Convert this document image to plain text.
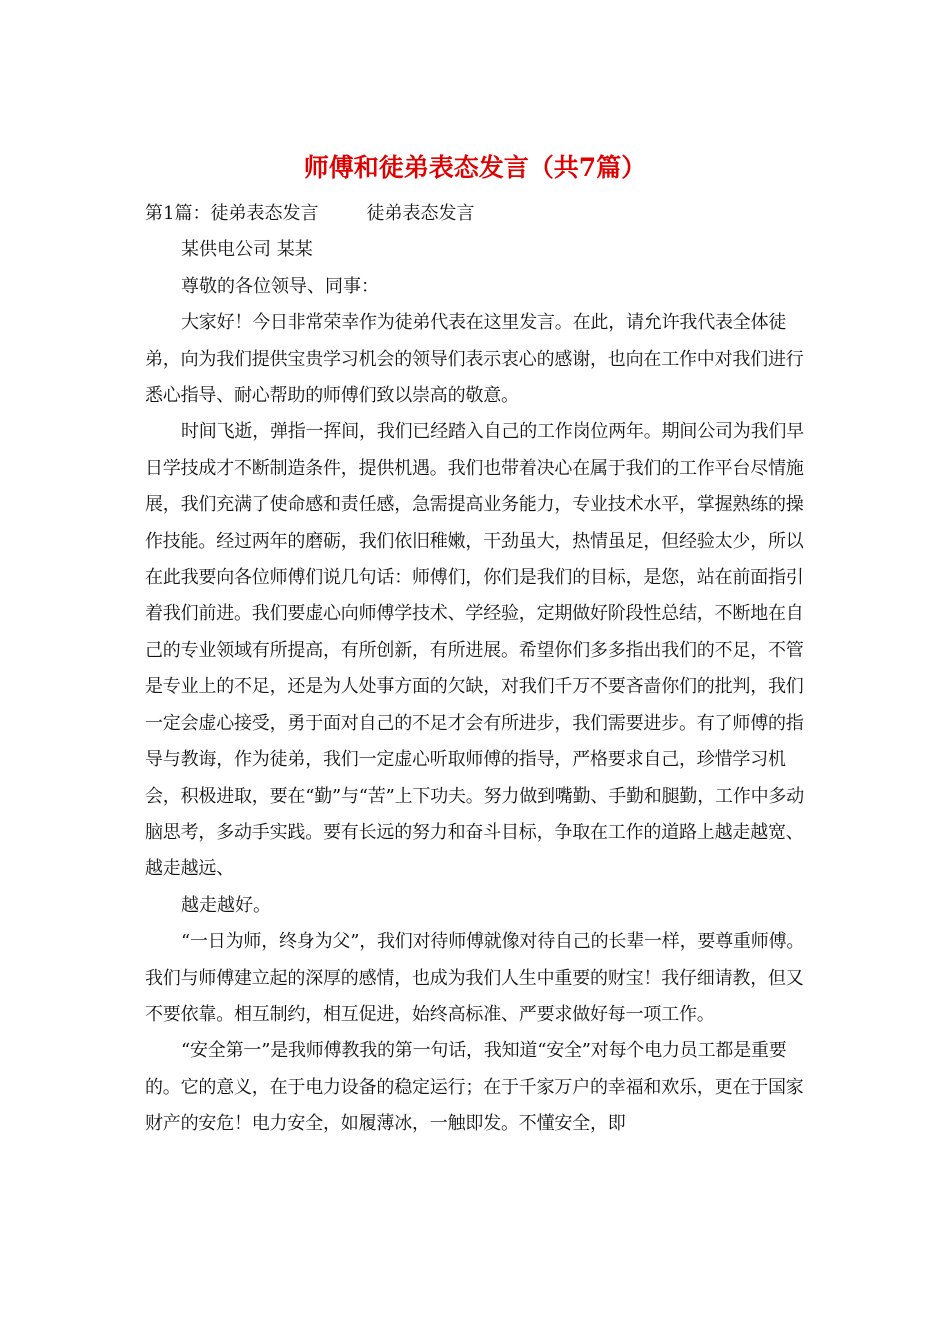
师傅和徒弟表态发言（共7篇）

第1篇：徒弟表态发言	徒弟表态发言

某供电公司 某某

尊敬的各位领导、同事：

大家好！今日非常荣幸作为徒弟代表在这里发言。在此，请允许我代表全体徒弟，向为我们提供宝贵学习机会的领导们表示衷心的感谢，也向在工作中对我们进行悉心指导、耐心帮助的师傅们致以崇高的敬意。

时间飞逝，弹指一挥间，我们已经踏入自己的工作岗位两年。期间公司为我们早日学技成才不断制造条件，提供机遇。我们也带着决心在属于我们的工作平台尽情施展，我们充满了使命感和责任感，急需提高业务能力，专业技术水平，掌握熟练的操作技能。经过两年的磨砺，我们依旧稚嫩，干劲虽大，热情虽足，但经验太少，所以在此我要向各位师傅们说几句话：师傅们，你们是我们的目标，是您，站在前面指引着我们前进。我们要虚心向师傅学技术、学经验，定期做好阶段性总结，不断地在自己的专业领域有所提高，有所创新，有所进展。希望你们多多指出我们的不足，不管是专业上的不足，还是为人处事方面的欠缺，对我们千万不要吝啬你们的批判，我们一定会虚心接受，勇于面对自己的不足才会有所进步，我们需要进步。有了师傅的指导与教诲，作为徒弟，我们一定虚心听取师傅的指导，严格要求自己，珍惜学习机会，积极进取，要在“勤”与“苦”上下功夫。努力做到嘴勤、手勤和腿勤，工作中多动脑思考，多动手实践。要有长远的努力和奋斗目标，争取在工作的道路上越走越宽、越走越远、

越走越好。

“一日为师，终身为父”，我们对待师傅就像对待自己的长辈一样，要尊重师傅。我们与师傅建立起的深厚的感情，也成为我们人生中重要的财宝！我仔细请教，但又不要依靠。相互制约，相互促进，始终高标准、严要求做好每一项工作。

“安全第一”是我师傅教我的第一句话，我知道“安全”对每个电力员工都是重要的。它的意义，在于电力设备的稳定运行；在于千家万户的幸福和欢乐，更在于国家财产的安危！电力安全，如履薄冰，一触即发。不懂安全，即
